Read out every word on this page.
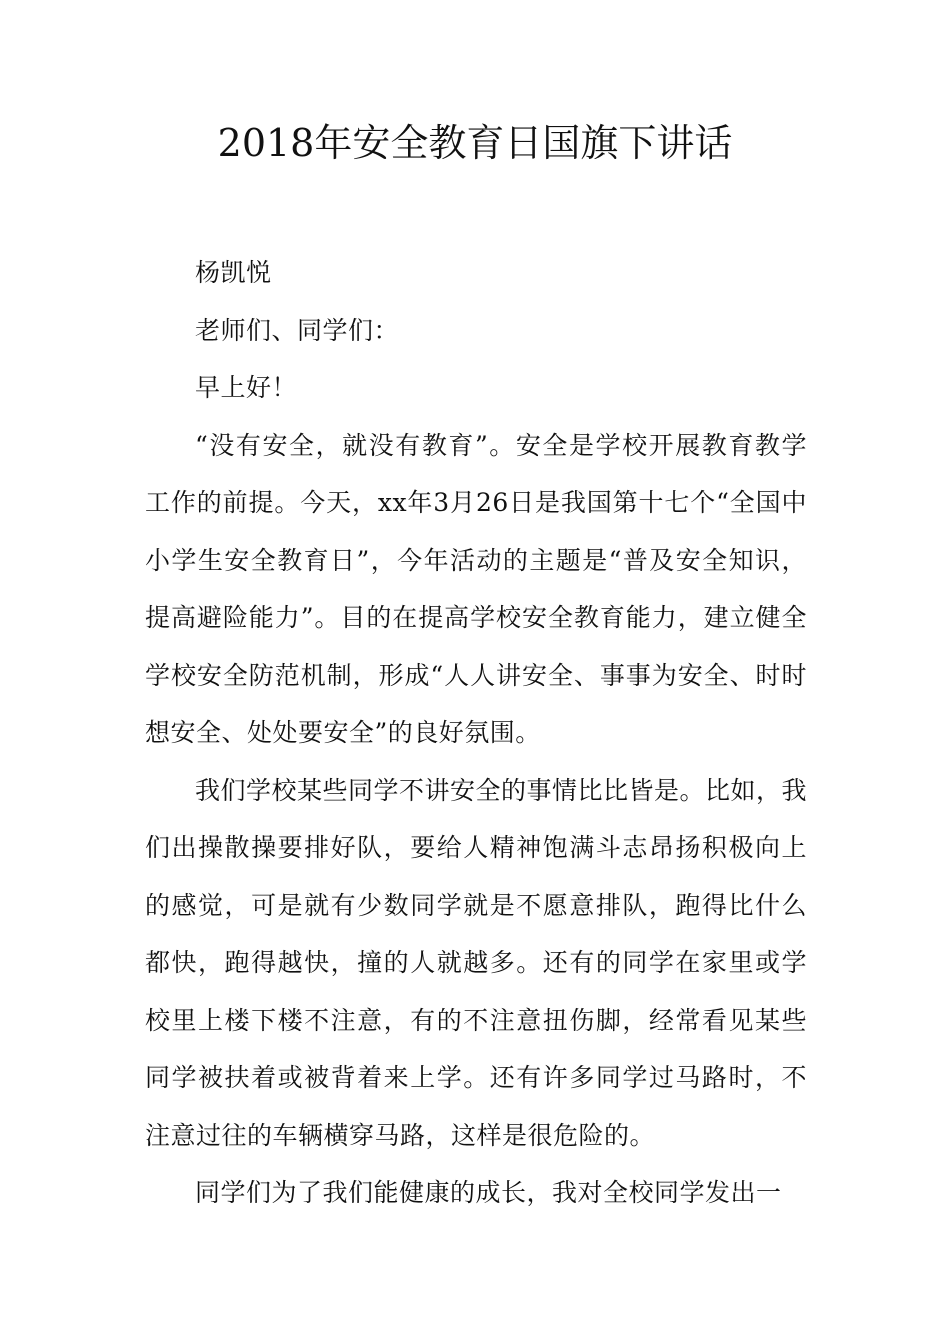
2018年安全教育日国旗下讲话

杨凯悦

老师们、同学们：

早上好！

“没有安全，就没有教育”。安全是学校开展教育教学工作的前提。今天，xx年3月26日是我国第十七个“全国中小学生安全教育日”，今年活动的主题是“普及安全知识，提高避险能力”。目的在提高学校安全教育能力，建立健全学校安全防范机制，形成“人人讲安全、事事为安全、时时想安全、处处要安全”的良好氛围。

我们学校某些同学不讲安全的事情比比皆是。比如，我们出操散操要排好队，要给人精神饱满斗志昂扬积极向上的感觉，可是就有少数同学就是不愿意排队，跑得比什么都快，跑得越快，撞的人就越多。还有的同学在家里或学校里上楼下楼不注意，有的不注意扭伤脚，经常看见某些同学被扶着或被背着来上学。还有许多同学过马路时，不注意过往的车辆横穿马路，这样是很危险的。

同学们为了我们能健康的成长，我对全校同学发出一
